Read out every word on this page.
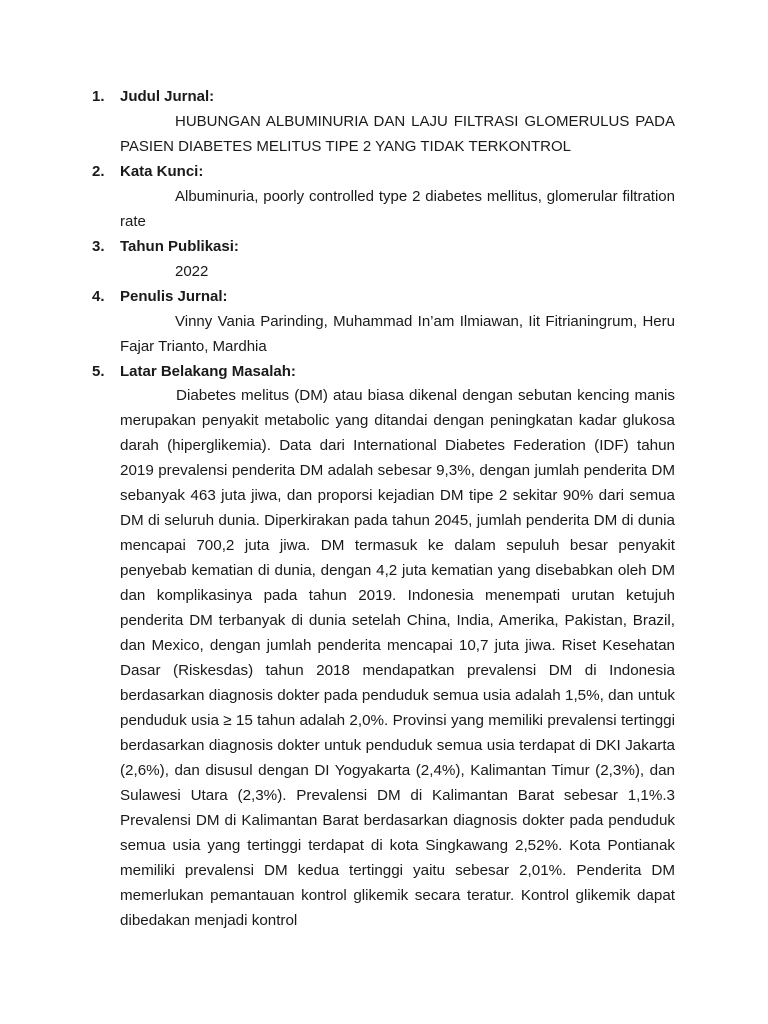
1. Judul Jurnal:
HUBUNGAN ALBUMINURIA DAN LAJU FILTRASI GLOMERULUS PADA PASIEN DIABETES MELITUS TIPE 2 YANG TIDAK TERKONTROL
2. Kata Kunci:
Albuminuria, poorly controlled type 2 diabetes mellitus, glomerular filtration rate
3. Tahun Publikasi:
2022
4. Penulis Jurnal:
Vinny Vania Parinding, Muhammad In’am Ilmiawan, Iit Fitrianingrum, Heru Fajar Trianto, Mardhia
5. Latar Belakang Masalah:
Diabetes melitus (DM) atau biasa dikenal dengan sebutan kencing manis merupakan penyakit metabolic yang ditandai dengan peningkatan kadar glukosa darah (hiperglikemia). Data dari International Diabetes Federation (IDF) tahun 2019 prevalensi penderita DM adalah sebesar 9,3%, dengan jumlah penderita DM sebanyak 463 juta jiwa, dan proporsi kejadian DM tipe 2 sekitar 90% dari semua DM di seluruh dunia. Diperkirakan pada tahun 2045, jumlah penderita DM di dunia mencapai 700,2 juta jiwa. DM termasuk ke dalam sepuluh besar penyakit penyebab kematian di dunia, dengan 4,2 juta kematian yang disebabkan oleh DM dan komplikasinya pada tahun 2019. Indonesia menempati urutan ketujuh penderita DM terbanyak di dunia setelah China, India, Amerika, Pakistan, Brazil, dan Mexico, dengan jumlah penderita mencapai 10,7 juta jiwa. Riset Kesehatan Dasar (Riskesdas) tahun 2018 mendapatkan prevalensi DM di Indonesia berdasarkan diagnosis dokter pada penduduk semua usia adalah 1,5%, dan untuk penduduk usia ≥ 15 tahun adalah 2,0%. Provinsi yang memiliki prevalensi tertinggi berdasarkan diagnosis dokter untuk penduduk semua usia terdapat di DKI Jakarta (2,6%), dan disusul dengan DI Yogyakarta (2,4%), Kalimantan Timur (2,3%), dan Sulawesi Utara (2,3%). Prevalensi DM di Kalimantan Barat sebesar 1,1%.3 Prevalensi DM di Kalimantan Barat berdasarkan diagnosis dokter pada penduduk semua usia yang tertinggi terdapat di kota Singkawang 2,52%. Kota Pontianak memiliki prevalensi DM kedua tertinggi yaitu sebesar 2,01%. Penderita DM memerlukan pemantauan kontrol glikemik secara teratur. Kontrol glikemik dapat dibedakan menjadi kontrol
